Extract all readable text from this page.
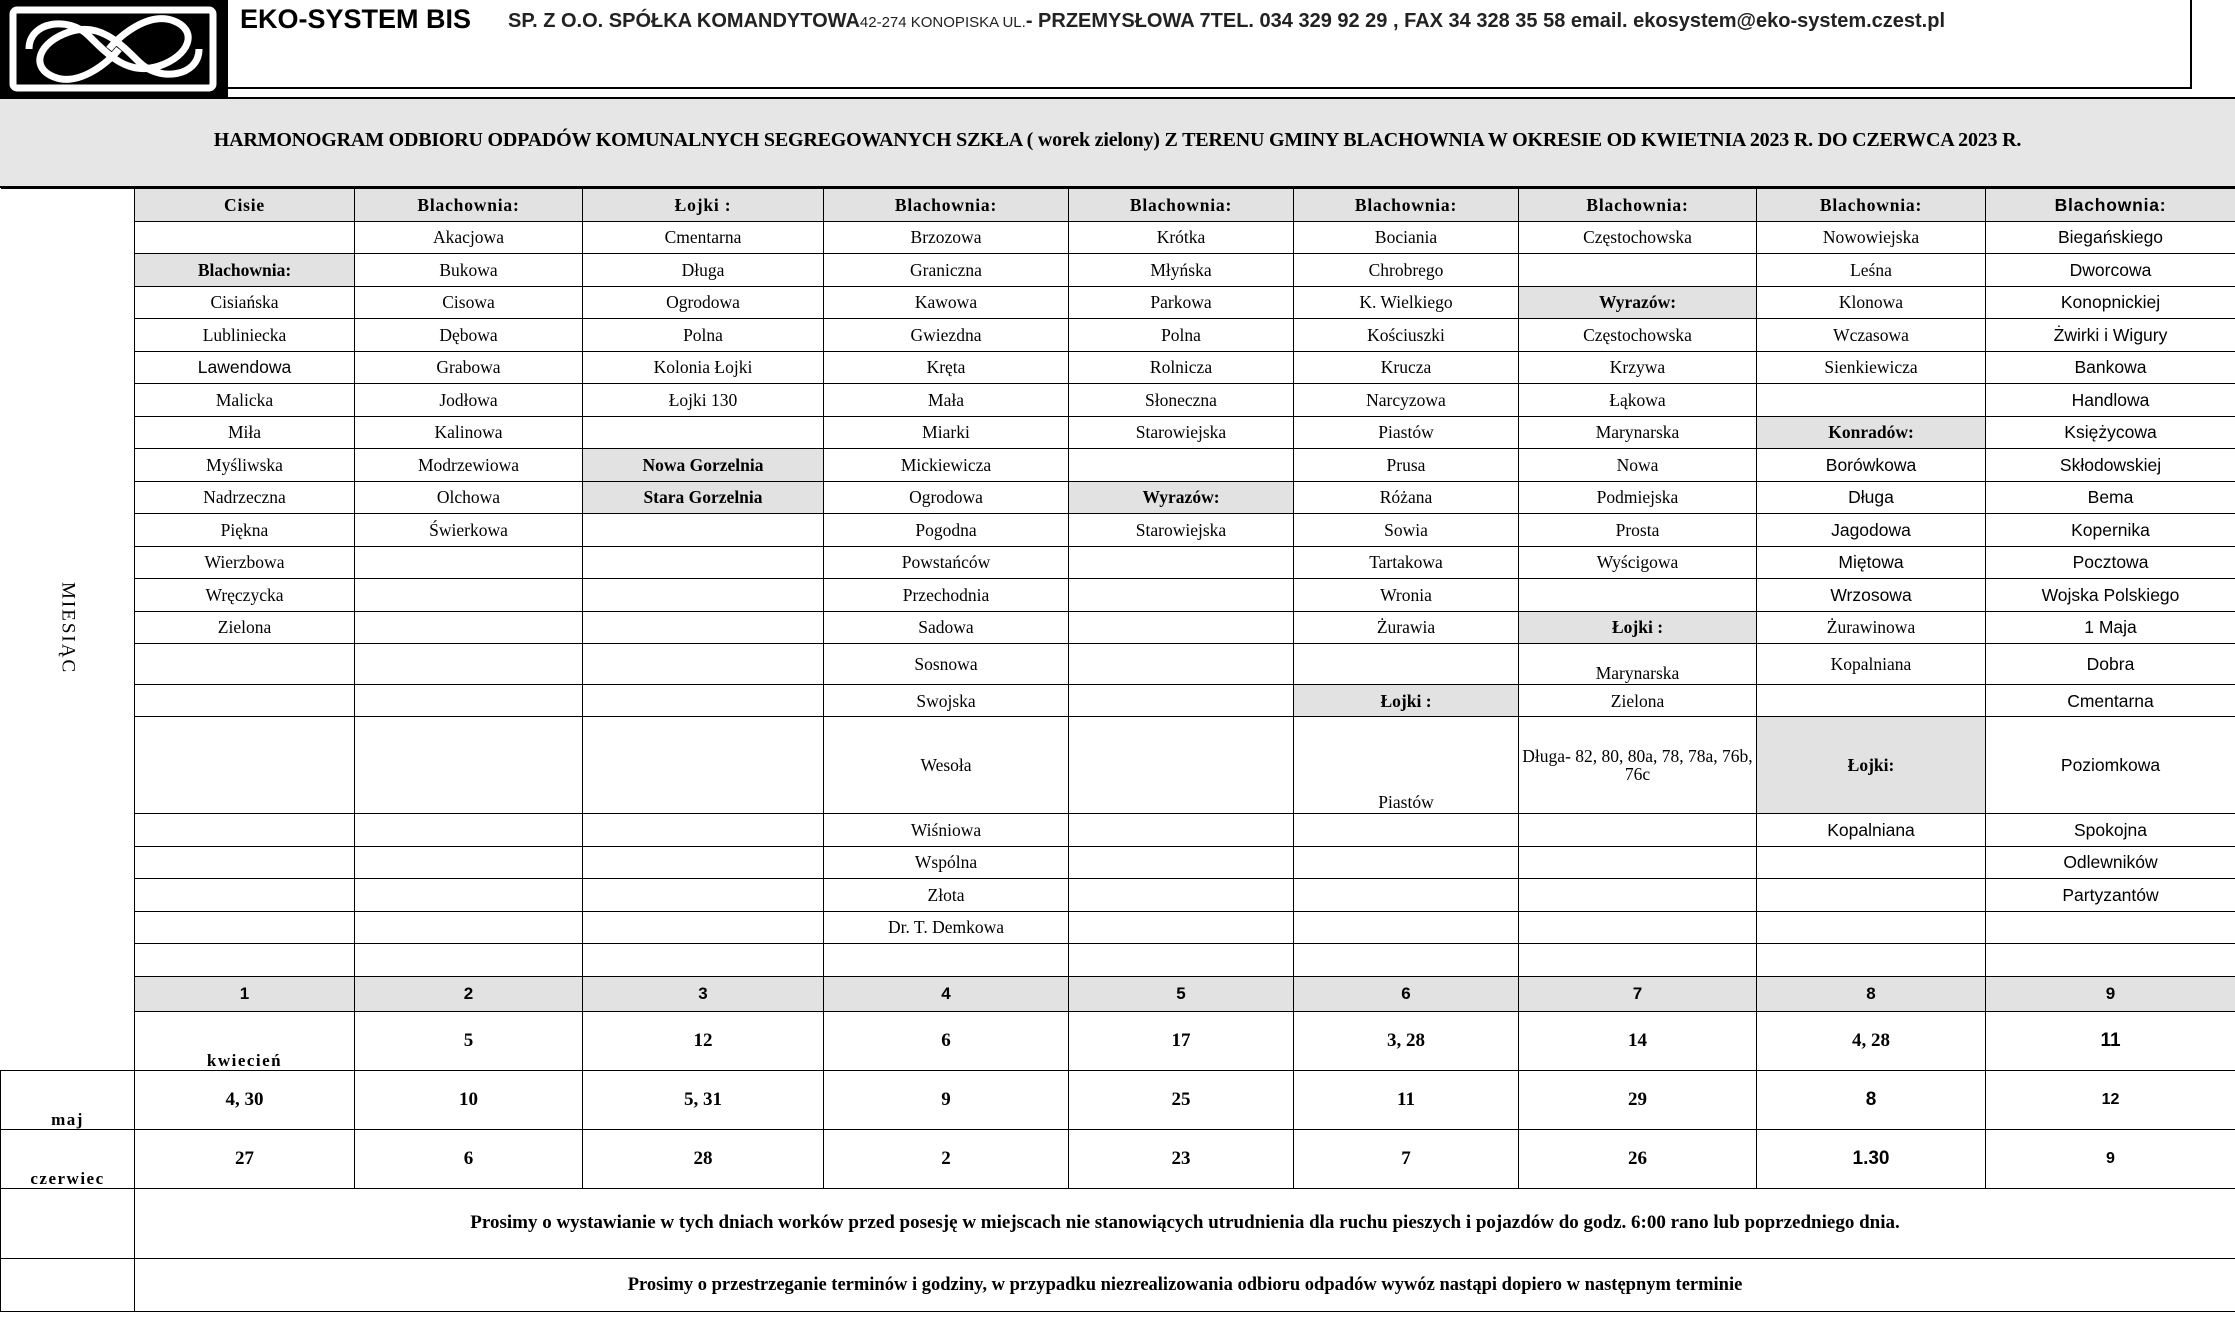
EKO-SYSTEM BIS SP. Z O.O. SPÓŁKA KOMANDYTOWA42-274 KONOPISKA UL.- PRZEMYSŁOWA 7TEL. 034 329 92 29 , FAX 34 328 35 58 email. ekosystem@eko-system.czest.pl
HARMONOGRAM ODBIORU ODPADÓW KOMUNALNYCH SEGREGOWANYCH SZKŁA ( worek zielony) Z TERENU GMINY BLACHOWNIA W OKRESIE OD KWIETNIA 2023 R. DO CZERWCA 2023 R.
MIESIĄC	Cisie	Blachownia:	Łojki :	Blachownia:	Blachownia:	Blachownia:	Blachownia:	Blachownia:	Blachownia:	
		Akacjowa	Cmentarna	Brzozowa	Krótka	Bociania	Częstochowska	Nowowiejska	Biegańskiego	
	Blachownia:	Bukowa	Długa	Graniczna	Młyńska	Chrobrego		Leśna	Dworcowa	
	Cisiańska	Cisowa	Ogrodowa	Kawowa	Parkowa	K. Wielkiego	Wyrazów:	Klonowa	Konopnickiej	
	Lubliniecka	Dębowa	Polna	Gwiezdna	Polna	Kościuszki	Częstochowska	Wczasowa	Żwirki i Wigury	
	Lawendowa	Grabowa	Kolonia Łojki	Kręta	Rolnicza	Krucza	Krzywa	Sienkiewicza	Bankowa	
	Malicka	Jodłowa	Łojki 130	Mała	Słoneczna	Narcyzowa	Łąkowa		Handlowa	
	Miła	Kalinowa		Miarki	Starowiejska	Piastów	Marynarska	Konradów:	Księżycowa	
	Myśliwska	Modrzewiowa	Nowa Gorzelnia	Mickiewicza		Prusa	Nowa	Borówkowa	Skłodowskiej	
	Nadrzeczna	Olchowa	Stara Gorzelnia	Ogrodowa	Wyrazów:	Różana	Podmiejska	Długa	Bema	
	Piękna	Świerkowa		Pogodna	Starowiejska	Sowia	Prosta	Jagodowa	Kopernika	
	Wierzbowa			Powstańców		Tartakowa	Wyścigowa	Miętowa	Pocztowa	
	Wręczycka			Przechodnia		Wronia		Wrzosowa	Wojska Polskiego	
	Zielona			Sadowa		Żurawia	Łojki :	Żurawinowa	1 Maja	
				Sosnowa			Marynarska	Kopalniana	Dobra	
				Swojska		Łojki :	Zielona		Cmentarna	
				Wesoła		Piastów	Długa- 82, 80, 80a, 78, 78a, 76b, 76c	Łojki:	Poziomkowa	
				Wiśniowa				Kopalniana	Spokojna	
				Wspólna					Odlewników	
				Złota					Partyzantów	
				Dr. T. Demkowa						

	1	2	3	4	5	6	7	8	9	
	kwiecień	5	12	6	17	3, 28	14	4, 28	11	
maj	4, 30	10	5, 31	9	25	11	29	8	12	
czerwiec	27	6	28	2	23	7	26	1.30	9	
	Prosimy o wystawianie w tych dniach worków przed posesję w miejscach nie stanowiących utrudnienia dla ruchu pieszych i pojazdów do godz. 6:00 rano lub poprzedniego dnia.									
	Prosimy o przestrzeganie terminów i godziny, w przypadku niezrealizowania odbioru odpadów wywóz nastąpi dopiero w następnym terminie									
